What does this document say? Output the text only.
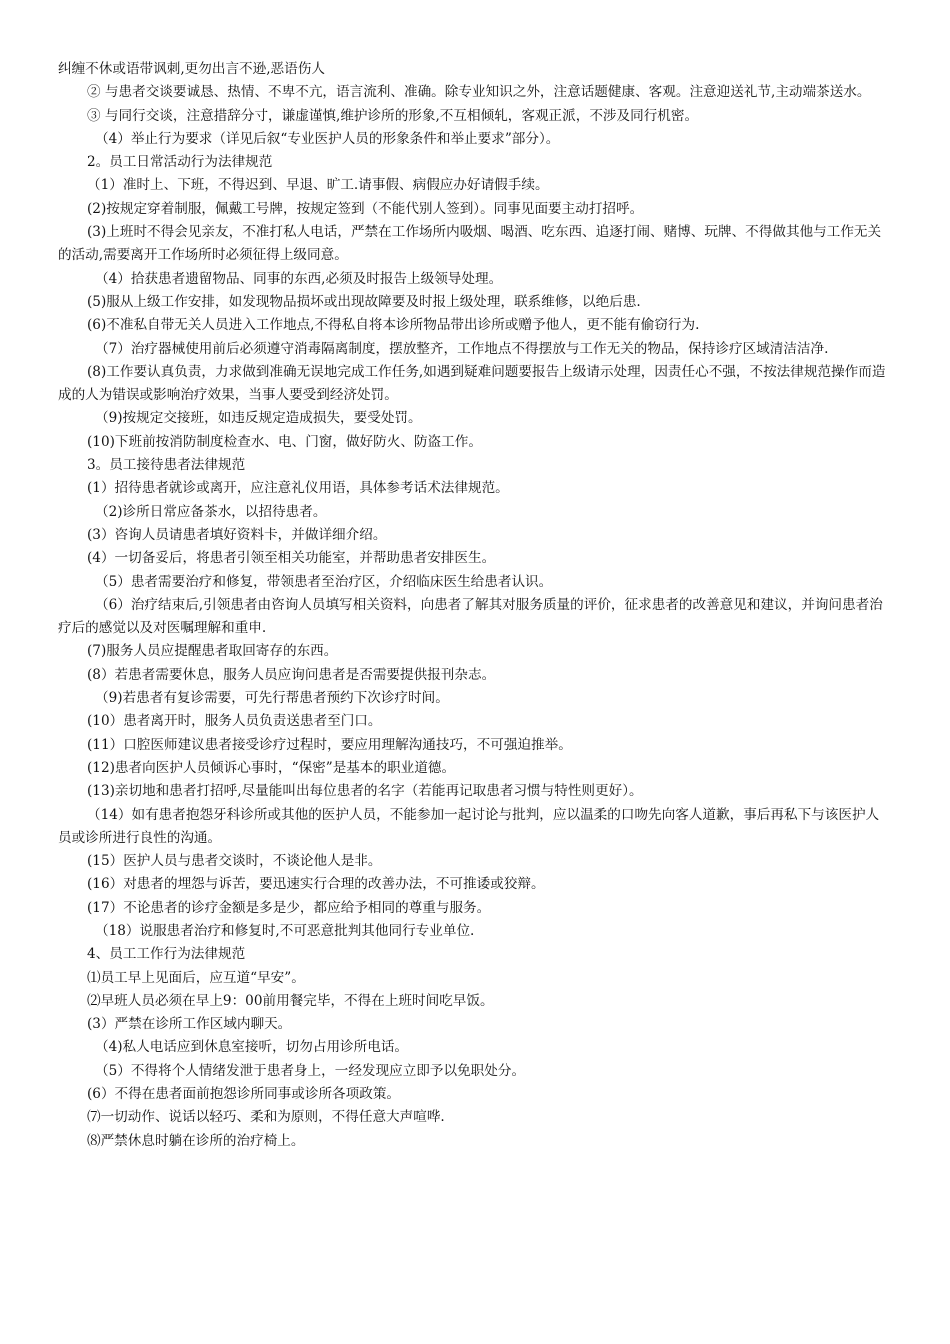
纠缠不休或语带讽刺,更勿出言不逊,恶语伤人

② 与患者交谈要诚恳、热情、不卑不亢，语言流利、准确。除专业知识之外，注意话题健康、客观。注意迎送礼节,主动端茶送水。

③ 与同行交谈，注意措辞分寸，谦虚谨慎,维护诊所的形象,不互相倾轧，客观正派，不涉及同行机密。

（4）举止行为要求（详见后叙“专业医护人员的形象条件和举止要求”部分）。

2。员工日常活动行为法律规范

（1）准时上、下班，不得迟到、早退、旷工.请事假、病假应办好请假手续。

(2)按规定穿着制服，佩戴工号牌，按规定签到（不能代别人签到）。同事见面要主动打招呼。

(3)上班时不得会见亲友，不准打私人电话，严禁在工作场所内吸烟、喝酒、吃东西、追逐打闹、赌博、玩牌、不得做其他与工作无关的活动,需要离开工作场所时必须征得上级同意。

（4）拾获患者遗留物品、同事的东西,必须及时报告上级领导处理。

(5)服从上级工作安排，如发现物品损坏或出现故障要及时报上级处理，联系维修，以绝后患.

(6)不准私自带无关人员进入工作地点,不得私自将本诊所物品带出诊所或赠予他人，更不能有偷窃行为.

（7）治疗器械使用前后必须遵守消毒隔离制度，摆放整齐，工作地点不得摆放与工作无关的物品，保持诊疗区域清洁洁净.

(8)工作要认真负责，力求做到准确无误地完成工作任务,如遇到疑难问题要报告上级请示处理，因责任心不强，不按法律规范操作而造成的人为错误或影响治疗效果，当事人要受到经济处罚。

（9)按规定交接班，如违反规定造成损失，要受处罚。

(10)下班前按消防制度检查水、电、门窗，做好防火、防盗工作。

3。员工接待患者法律规范

(1）招待患者就诊或离开，应注意礼仪用语，具体参考话术法律规范。

（2)诊所日常应备茶水，以招待患者。

(3）咨询人员请患者填好资料卡，并做详细介绍。

(4）一切备妥后，将患者引领至相关功能室，并帮助患者安排医生。

（5）患者需要治疗和修复，带领患者至治疗区，介绍临床医生给患者认识。

（6）治疗结束后,引领患者由咨询人员填写相关资料，向患者了解其对服务质量的评价，征求患者的改善意见和建议，并询问患者治疗后的感觉以及对医嘱理解和重申.

(7)服务人员应提醒患者取回寄存的东西。

(8）若患者需要休息，服务人员应询问患者是否需要提供报刊杂志。

（9)若患者有复诊需要，可先行帮患者预约下次诊疗时间。

(10）患者离开时，服务人员负责送患者至门口。

(11）口腔医师建议患者接受诊疗过程时，要应用理解沟通技巧，不可强迫推举。

(12)患者向医护人员倾诉心事时，“保密”是基本的职业道德。

(13)亲切地和患者打招呼,尽量能叫出每位患者的名字（若能再记取患者习惯与特性则更好）。

（14）如有患者抱怨牙科诊所或其他的医护人员，不能参加一起讨论与批判，应以温柔的口吻先向客人道歉，事后再私下与该医护人员或诊所进行良性的沟通。

(15）医护人员与患者交谈时，不谈论他人是非。

(16）对患者的埋怨与诉苦，要迅速实行合理的改善办法，不可推诿或狡辩。

(17）不论患者的诊疗金额是多是少，都应给予相同的尊重与服务。

（18）说服患者治疗和修复时,不可恶意批判其他同行专业单位.

4、员工工作行为法律规范

⑴员工早上见面后，应互道“早安”。

⑵早班人员必须在早上9：00前用餐完毕，不得在上班时间吃早饭。

(3）严禁在诊所工作区域内聊天。

（4)私人电话应到休息室接听，切勿占用诊所电话。

（5）不得将个人情绪发泄于患者身上，一经发现应立即予以免职处分。

(6）不得在患者面前抱怨诊所同事或诊所各项政策。

⑺一切动作、说话以轻巧、柔和为原则，不得任意大声喧哗.

⑻严禁休息时躺在诊所的治疗椅上。
